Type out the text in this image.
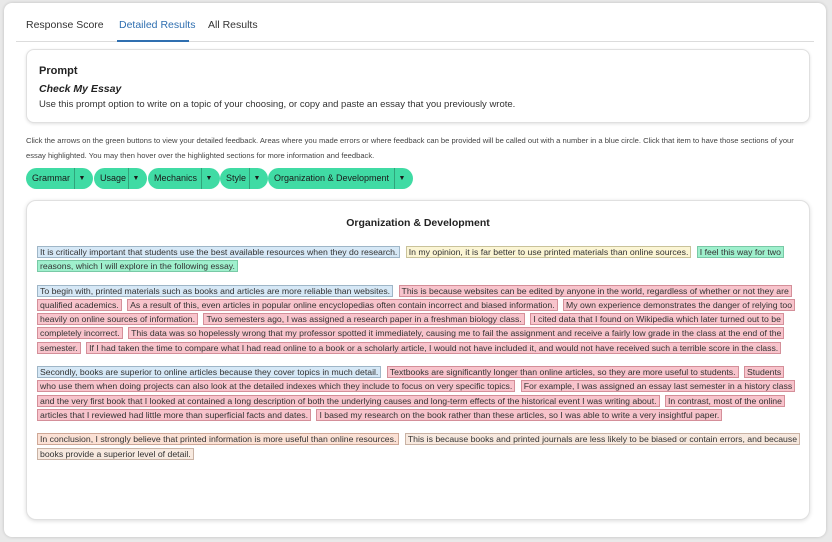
Response Score Detailed Results All Results
Prompt
Check My Essay
Use this prompt option to write on a topic of your choosing, or copy and paste an essay that you previously wrote.
Click the arrows on the green buttons to view your detailed feedback. Areas where you made errors or where feedback can be provided will be called out with a number in a blue circle. Click that item to have those sections of your essay highlighted. You may then hover over the highlighted sections for more information and feedback.
Grammar	▼	Usage ▼	Mechanics	▼	Style	▼	Organization & Development	▼
Organization & Development
It is critically important that students use the best available resources when they do research. In my opinion, it is far better to use printed materials than online sources. I feel this way for two reasons, which I will explore in the following essay.
To begin with, printed materials such as books and articles are more reliable than websites. This is because websites can be edited by anyone in the world, regardless of whether or not they are qualified academics. As a result of this, even articles in popular online encyclopedias often contain incorrect and biased information. My own experience demonstrates the danger of relying too heavily on online sources of information. Two semesters ago, I was assigned a research paper in a freshman biology class. I cited data that I found on Wikipedia which later turned out to be completely incorrect. This data was so hopelessly wrong that my professor spotted it immediately, causing me to fail the assignment and receive a fairly low grade in the class at the end of the semester. If I had taken the time to compare what I had read online to a book or a scholarly article, I would not have included it, and would not have received such a terrible score in the class.
Secondly, books are superior to online articles because they cover topics in much detail. Textbooks are significantly longer than online articles, so they are more useful to students. Students who use them when doing projects can also look at the detailed indexes which they include to focus on very specific topics. For example, I was assigned an essay last semester in a history class and the very first book that I looked at contained a long description of both the underlying causes and long-term effects of the historical event I was writing about. In contrast, most of the online articles that I reviewed had little more than superficial facts and dates. I based my research on the book rather than these articles, so I was able to write a very insightful paper.
In conclusion, I strongly believe that printed information is more useful than online resources. This is because books and printed journals are less likely to be biased or contain errors, and because books provide a superior level of detail.
